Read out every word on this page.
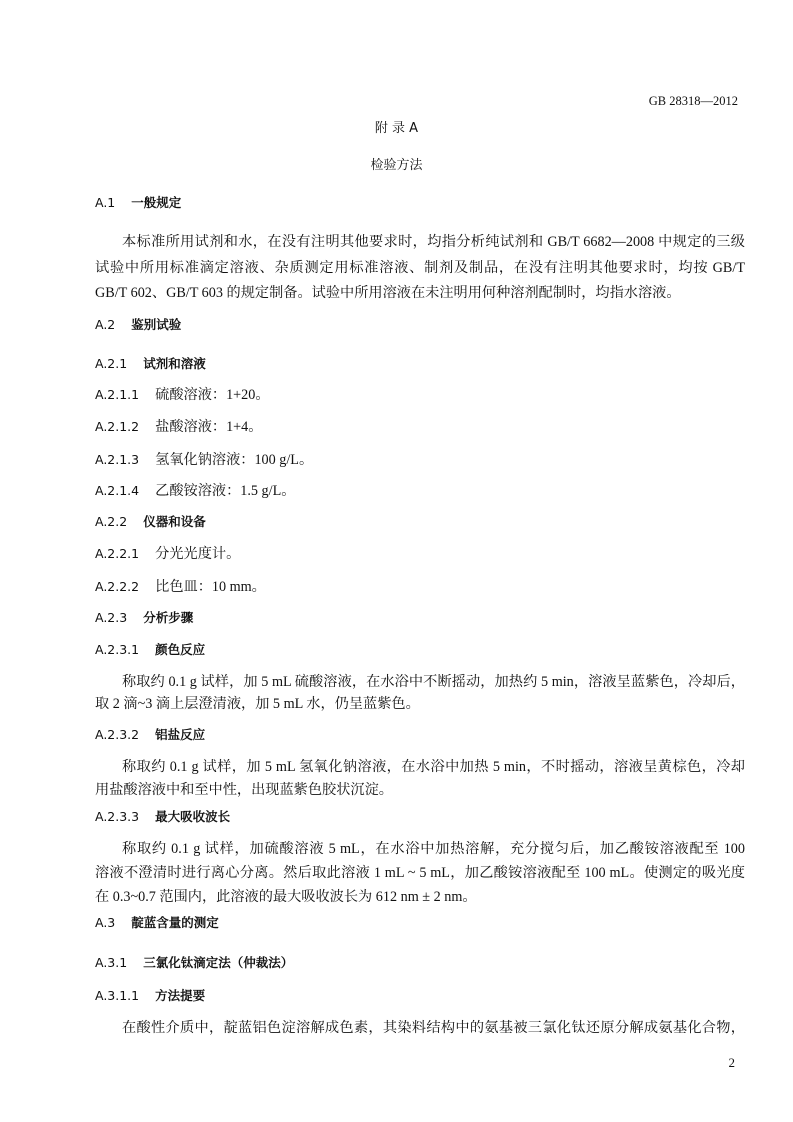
GB 28318—2012
附 录 A
检验方法
A.1 一般规定
本标准所用试剂和水，在没有注明其他要求时，均指分析纯试剂和 GB/T 6682—2008 中规定的三级
试验中所用标准滴定溶液、杂质测定用标准溶液、制剂及制品，在没有注明其他要求时，均按 GB/T
GB/T 602、GB/T 603 的规定制备。试验中所用溶液在未注明用何种溶剂配制时，均指水溶液。
A.2 鉴别试验
A.2.1 试剂和溶液
A.2.1.1 硫酸溶液：1+20。
A.2.1.2 盐酸溶液：1+4。
A.2.1.3 氢氧化钠溶液：100 g/L。
A.2.1.4 乙酸铵溶液：1.5 g/L。
A.2.2 仪器和设备
A.2.2.1 分光光度计。
A.2.2.2 比色皿：10 mm。
A.2.3 分析步骤
A.2.3.1 颜色反应
称取约 0.1 g 试样，加 5 mL 硫酸溶液，在水浴中不断摇动，加热约 5 min，溶液呈蓝紫色，冷却后，
取 2 滴~3 滴上层澄清液，加 5 mL 水，仍呈蓝紫色。
A.2.3.2 铝盐反应
称取约 0.1 g 试样，加 5 mL 氢氧化钠溶液，在水浴中加热 5 min，不时摇动，溶液呈黄棕色，冷却
用盐酸溶液中和至中性，出现蓝紫色胶状沉淀。
A.2.3.3 最大吸收波长
称取约 0.1 g 试样，加硫酸溶液 5 mL，在水浴中加热溶解，充分搅匀后，加乙酸铵溶液配至 100
溶液不澄清时进行离心分离。然后取此溶液 1 mL ~ 5 mL，加乙酸铵溶液配至 100 mL。使测定的吸光度
在 0.3~0.7 范围内，此溶液的最大吸收波长为 612 nm ± 2 nm。
A.3 靛蓝含量的测定
A.3.1 三氯化钛滴定法（仲裁法）
A.3.1.1 方法提要
在酸性介质中，靛蓝铝色淀溶解成色素，其染料结构中的氨基被三氯化钛还原分解成氨基化合物，
2
